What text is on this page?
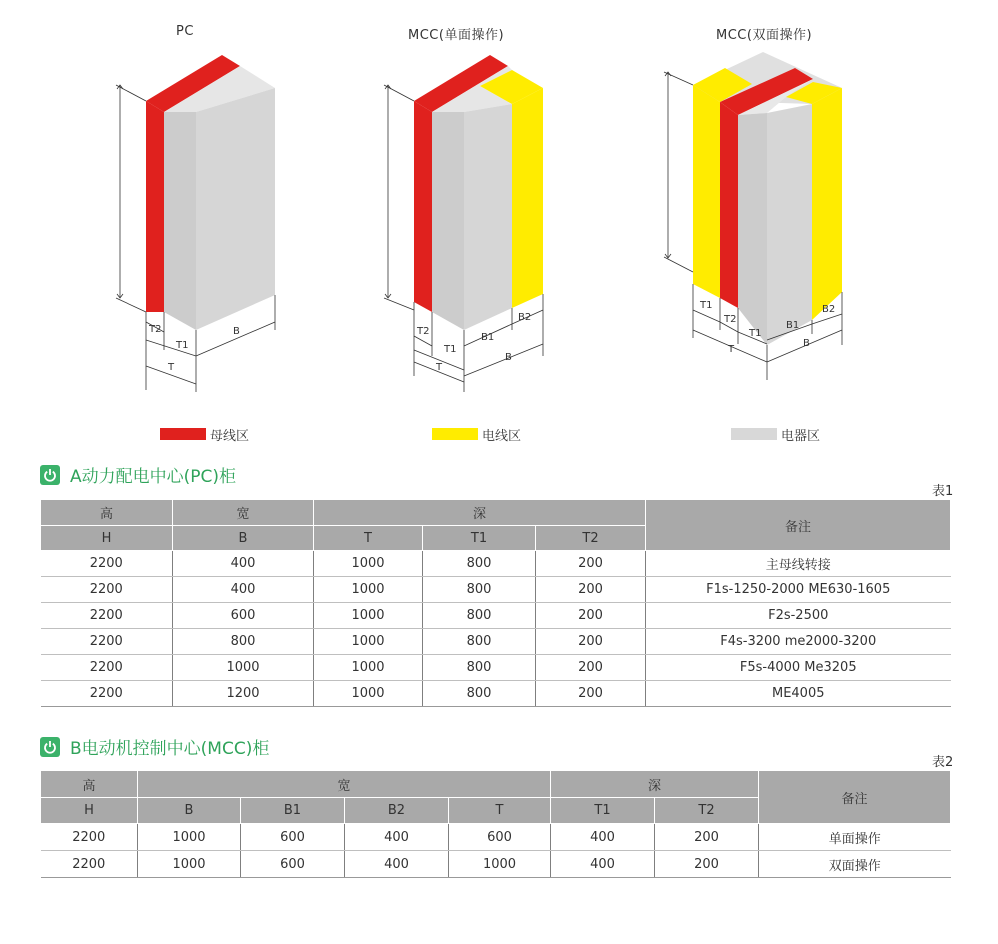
PC	MCC(单面操作)	MCC(双面操作)
T2
T1
B
T
T2
T1
B1
B2
B
T
T1
T2
T1
B1
B2
T
B
母线区	电线区	电器区
A动力配电中心(PC)柜
表1
高	宽	深			备注
H	B	T	T1	T2	
2200	400	1000	800	200	主母线转接
2200	400	1000	800	200	F1s-1250-2000 ME630-1605
2200	600	1000	800	200	F2s-2500
2200	800	1000	800	200	F4s-3200 me2000-3200
2200	1000	1000	800	200	F5s-4000 Me3205
2200	1200	1000	800	200	ME4005
B电动机控制中心(MCC)柜
表2
高	宽				深		备注
H	B	B1	B2	T	T1	T2	
2200	1000	600	400	600	400	200	单面操作
2200	1000	600	400	1000	400	200	双面操作
